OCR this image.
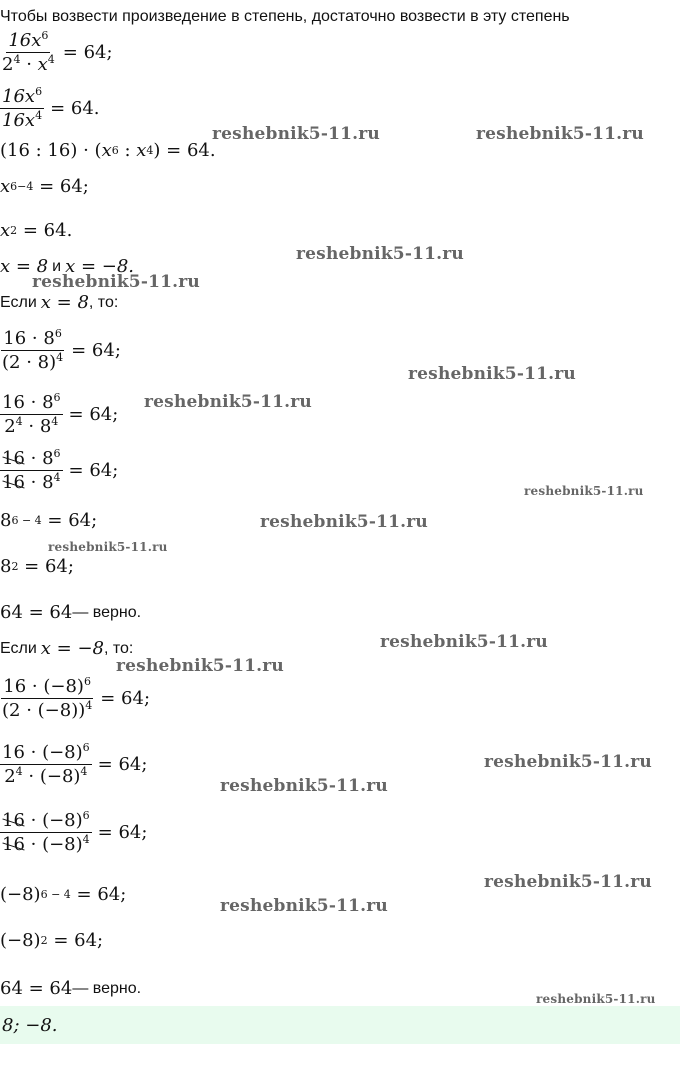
Чтобы возвести произведение в степень, достаточно возвести в эту степень
$\frac{16x^6}{2^4 \cdot x^4} = 64$;
$\frac{16x^6}{16x^4} = 64$.
(16 : 16) · ( x 6 : x 4 ) = 64.
x 6−4 = 64;
x 2 = 64.
x = 8 и x = −8.
Если x = 8 , то:
$\frac{16 \cdot 8^6}{(2 \cdot 8)^4} = 64$;
$\frac{16 \cdot 8^6}{2^4 \cdot 8^4} = 64$;
$\frac{16 \cdot 8^6}{16 \cdot 8^4} = 64$;
8 6 − 4 = 64;
8 2 = 64;
64 = 64 — верно.
Если x = −8 , то:
$\frac{16 \cdot (-8)^6}{(2 \cdot (-8))^4} = 64$;
$\frac{16 \cdot (-8)^6}{2^4 \cdot (-8)^4} = 64$;
$\frac{16 \cdot (-8)^6}{16 \cdot (-8)^4} = 64$;
(−8) 6 − 4 = 64;
(−8) 2 = 64;
64 = 64 — верно.
8; −8.
reshebnik5-11.ru	reshebnik5-11.ru
reshebnik5-11.ru
reshebnik5-11.ru
reshebnik5-11.ru
reshebnik5-11.ru
reshebnik5-11.ru
reshebnik5-11.ru
reshebnik5-11.ru
reshebnik5-11.ru
reshebnik5-11.ru
reshebnik5-11.ru
reshebnik5-11.ru
reshebnik5-11.ru
reshebnik5-11.ru
reshebnik5-11.ru
